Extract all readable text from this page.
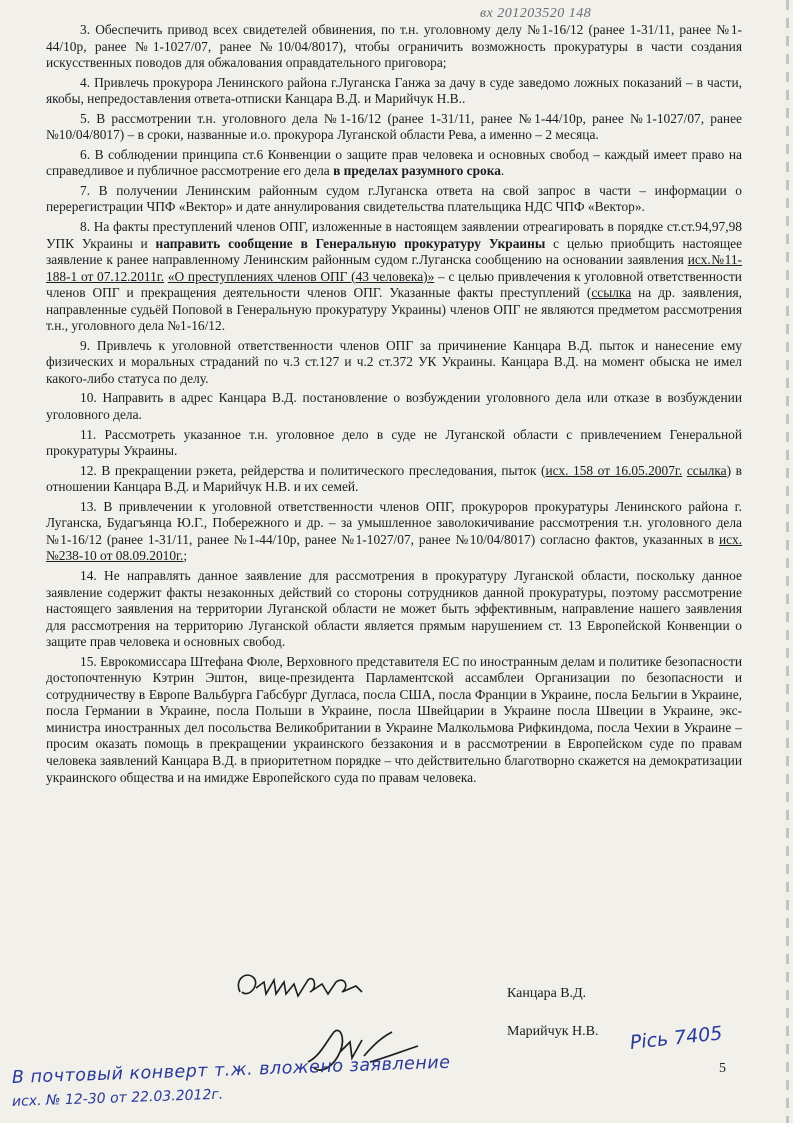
вх 201203520 148

3. Обеспечить привод всех свидетелей обвинения, по т.н. уголовному делу №1-16/12 (ранее 1-31/11, ранее №1-44/10р, ранее №1-1027/07, ранее №10/04/8017), чтобы ограничить возможность прокуратуры в части создания искусственных поводов для обжалования оправдательного приговора;

4. Привлечь прокурора Ленинского района г.Луганска Ганжа за дачу в суде заведомо ложных показаний – в части, якобы, непредоставления ответа-отписки Канцара В.Д. и Марийчук Н.В..

5. В рассмотрении т.н. уголовного дела №1-16/12 (ранее 1-31/11, ранее №1-44/10р, ранее №1-1027/07, ранее №10/04/8017) – в сроки, названные и.о. прокурора Луганской области Рева, а именно – 2 месяца.

6. В соблюдении принципа ст.6 Конвенции о защите прав человека и основных свобод – каждый имеет право на справедливое и публичное рассмотрение его дела в пределах разумного срока.

7. В получении Ленинским районным судом г.Луганска ответа на свой запрос в части – информации о перерегистрации ЧПФ «Вектор» и дате аннулирования свидетельства плательщика НДС ЧПФ «Вектор».

8. На факты преступлений членов ОПГ, изложенные в настоящем заявлении отреагировать в порядке ст.ст.94,97,98 УПК Украины и направить сообщение в Генеральную прокуратуру Украины с целью приобщить настоящее заявление к ранее направленному Ленинским районным судом г.Луганска сообщению на основании заявления исх.№11-188-1 от 07.12.2011г. «О преступлениях членов ОПГ (43 человека)» – с целью привлечения к уголовной ответственности членов ОПГ и прекращения деятельности членов ОПГ. Указанные факты преступлений (ссылка на др. заявления, направленные судьёй Поповой в Генеральную прокуратуру Украины) членов ОПГ не являются предметом рассмотрения т.н., уголовного дела №1-16/12.

9. Привлечь к уголовной ответственности членов ОПГ за причинение Канцара В.Д. пыток и нанесение ему физических и моральных страданий по ч.3 ст.127 и ч.2 ст.372 УК Украины. Канцара В.Д. на момент обыска не имел какого-либо статуса по делу.

10. Направить в адрес Канцара В.Д. постановление о возбуждении уголовного дела или отказе в возбуждении уголовного дела.

11. Рассмотреть указанное т.н. уголовное дело в суде не Луганской области с привлечением Генеральной прокуратуры Украины.

12. В прекращении рэкета, рейдерства и политического преследования, пыток (исх. 158 от 16.05.2007г. ссылка) в отношении Канцара В.Д. и Марийчук Н.В. и их семей.

13. В привлечении к уголовной ответственности членов ОПГ, прокуроров прокуратуры Ленинского района г. Луганска, Будагъянца Ю.Г., Побережного и др. – за умышленное заволокичивание рассмотрения т.н. уголовного дела №1-16/12 (ранее 1-31/11, ранее №1-44/10р, ранее №1-1027/07, ранее №10/04/8017) согласно фактов, указанных в исх.№238-10 от 08.09.2010г.;

14. Не направлять данное заявление для рассмотрения в прокуратуру Луганской области, поскольку данное заявление содержит факты незаконных действий со стороны сотрудников данной прокуратуры, поэтому рассмотрение настоящего заявления на территории Луганской области не может быть эффективным, направление нашего заявления для рассмотрения на территорию Луганской области является прямым нарушением ст. 13 Европейской Конвенции о защите прав человека и основных свобод.

15. Еврокомиссара Штефана Фюле, Верховного представителя ЕС по иностранным делам и политике безопасности достопочтенную Кэтрин Эштон, вице-президента Парламентской ассамблеи Организации по безопасности и сотрудничеству в Европе Вальбурга Габсбург Дугласа, посла США, посла Франции в Украине, посла Бельгии в Украине, посла Германии в Украине, посла Польши в Украине, посла Швейцарии в Украине посла Швеции в Украине, экс-министра иностранных дел посольства Великобритании в Украине Малкольмова Рифкиндома, посла Чехии в Украине – просим оказать помощь в прекращении украинского беззакония и в рассмотрении в Европейском суде по правам человека заявлений Канцара В.Д. в приоритетном порядке – что действительно благотворно скажется на демократизации украинского общества и на имидже Европейского суда по правам человека.

Канцара В.Д.
Марийчук Н.В. Рісь 7405
5
В почтовый конверт т.ж. вложено заявление
исх. № 12-30 от 22.03.2012г.
